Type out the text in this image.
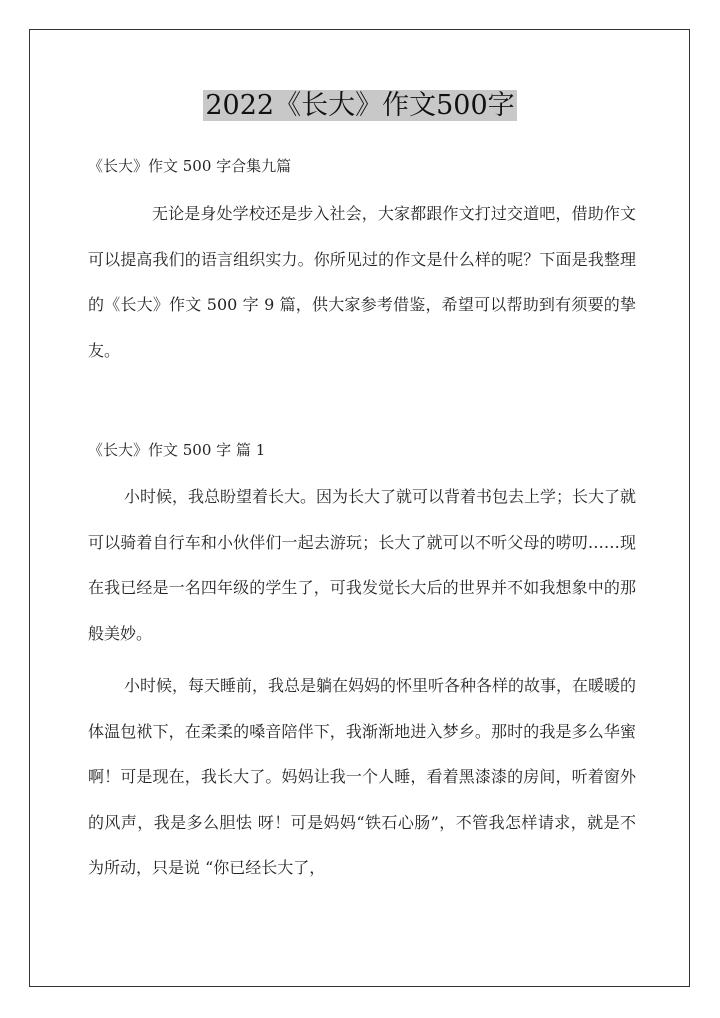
2022《长大》作文500字
《长大》作文 500 字合集九篇

无论是身处学校还是步入社会，大家都跟作文打过交道吧，借助作文可以提高我们的语言组织实力。你所见过的作文是什么样的呢？下面是我整理的《长大》作文 500 字 9 篇，供大家参考借鉴，希望可以帮助到有须要的挚友。

《长大》作文 500 字 篇 1

小时候，我总盼望着长大。因为长大了就可以背着书包去上学；长大了就可以骑着自行车和小伙伴们一起去游玩；长大了就可以不听父母的唠叨……现在我已经是一名四年级的学生了，可我发觉长大后的世界并不如我想象中的那般美妙。

小时候，每天睡前，我总是躺在妈妈的怀里听各种各样的故事，在暖暖的体温包袱下，在柔柔的嗓音陪伴下，我渐渐地进入梦乡。那时的我是多么华蜜啊！可是现在，我长大了。妈妈让我一个人睡，看着黑漆漆的房间，听着窗外的风声，我是多么胆怯 呀！可是妈妈“铁石心肠”，不管我怎样请求，就是不为所动，只是说 “你已经长大了，
